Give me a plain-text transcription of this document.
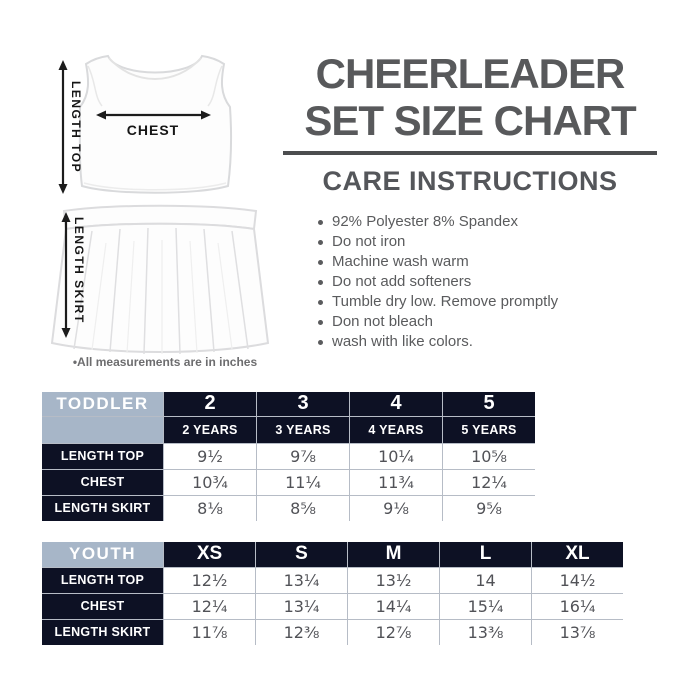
CHEST
LENGTH TOP
LENGTH SKIRT
•All measurements are in inches
CHEERLEADER
SET SIZE CHART
CARE INSTRUCTIONS
92% Polyester 8% Spandex
Do not iron
Machine wash warm
Do not add softeners
Tumble dry low. Remove promptly
Don not bleach
wash with like colors.
TODDLER	2	3	4	5
	2 YEARS	3 YEARS	4 YEARS	5 YEARS
LENGTH TOP	9½	9⅞	10¼	10⅝
CHEST	10¾	11¼	11¾	12¼
LENGTH SKIRT	8⅛	8⅝	9⅛	9⅝
YOUTH	XS	S	M	L	XL
LENGTH TOP	12½	13¼	13½	14	14½
CHEST	12¼	13¼	14¼	15¼	16¼
LENGTH SKIRT	11⅞	12⅜	12⅞	13⅜	13⅞
